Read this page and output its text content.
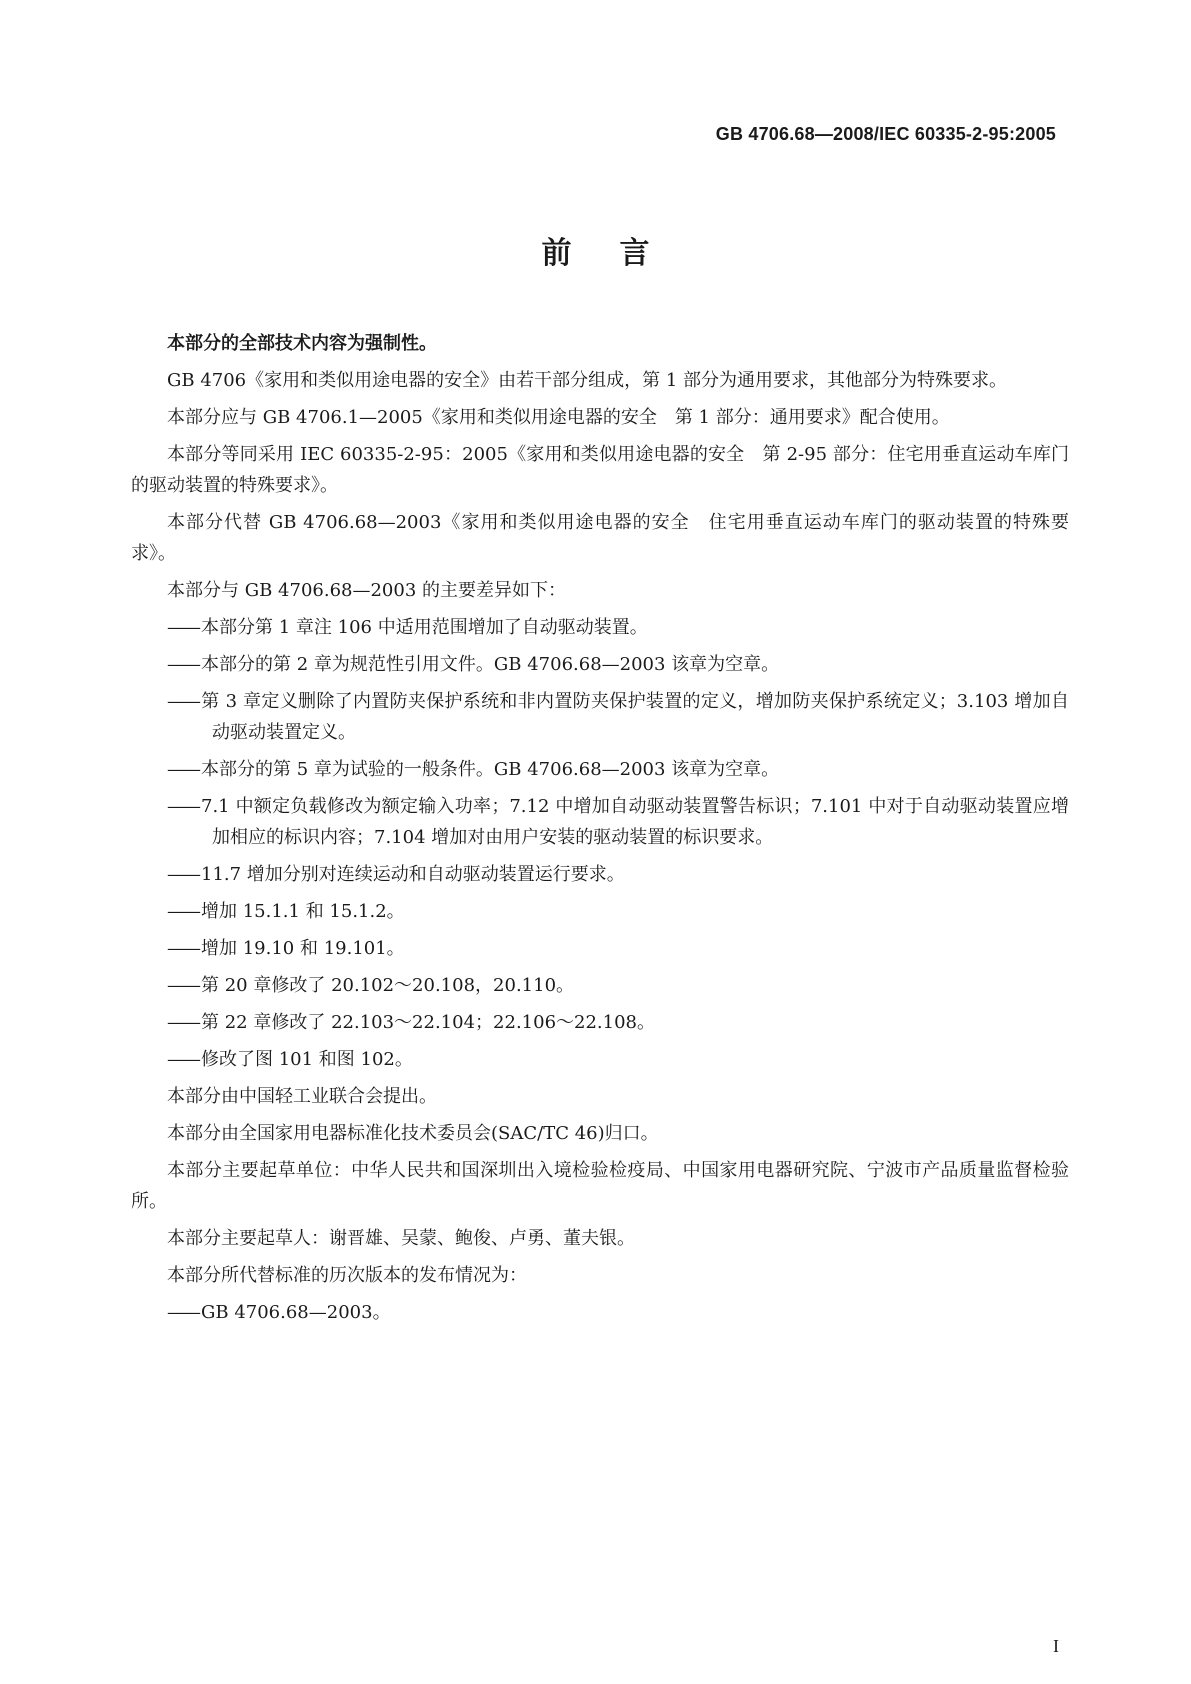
GB 4706.68—2008/IEC 60335-2-95:2005
前言

本部分的全部技术内容为强制性。

GB 4706《家用和类似用途电器的安全》由若干部分组成，第 1 部分为通用要求，其他部分为特殊要求。

本部分应与 GB 4706.1—2005《家用和类似用途电器的安全　第 1 部分：通用要求》配合使用。

本部分等同采用 IEC 60335-2-95：2005《家用和类似用途电器的安全　第 2-95 部分：住宅用垂直运动车库门的驱动装置的特殊要求》。

本部分代替 GB 4706.68—2003《家用和类似用途电器的安全　住宅用垂直运动车库门的驱动装置的特殊要求》。

本部分与 GB 4706.68—2003 的主要差异如下：

—— 本部分第 1 章注 106 中适用范围增加了自动驱动装置。

—— 本部分的第 2 章为规范性引用文件。GB 4706.68—2003 该章为空章。

—— 第 3 章定义删除了内置防夹保护系统和非内置防夹保护装置的定义，增加防夹保护系统定义；3.103 增加自动驱动装置定义。

—— 本部分的第 5 章为试验的一般条件。GB 4706.68—2003 该章为空章。

—— 7.1 中额定负载修改为额定输入功率；7.12 中增加自动驱动装置警告标识；7.101 中对于自动驱动装置应增加相应的标识内容；7.104 增加对由用户安装的驱动装置的标识要求。

—— 11.7 增加分别对连续运动和自动驱动装置运行要求。

—— 增加 15.1.1 和 15.1.2。

—— 增加 19.10 和 19.101。

—— 第 20 章修改了 20.102～20.108，20.110。

—— 第 22 章修改了 22.103～22.104；22.106～22.108。

—— 修改了图 101 和图 102。

本部分由中国轻工业联合会提出。

本部分由全国家用电器标准化技术委员会(SAC/TC 46)归口。

本部分主要起草单位：中华人民共和国深圳出入境检验检疫局、中国家用电器研究院、宁波市产品质量监督检验所。

本部分主要起草人：谢晋雄、吴蒙、鲍俊、卢勇、董夫银。

本部分所代替标准的历次版本的发布情况为：

—— GB 4706.68—2003。

I
